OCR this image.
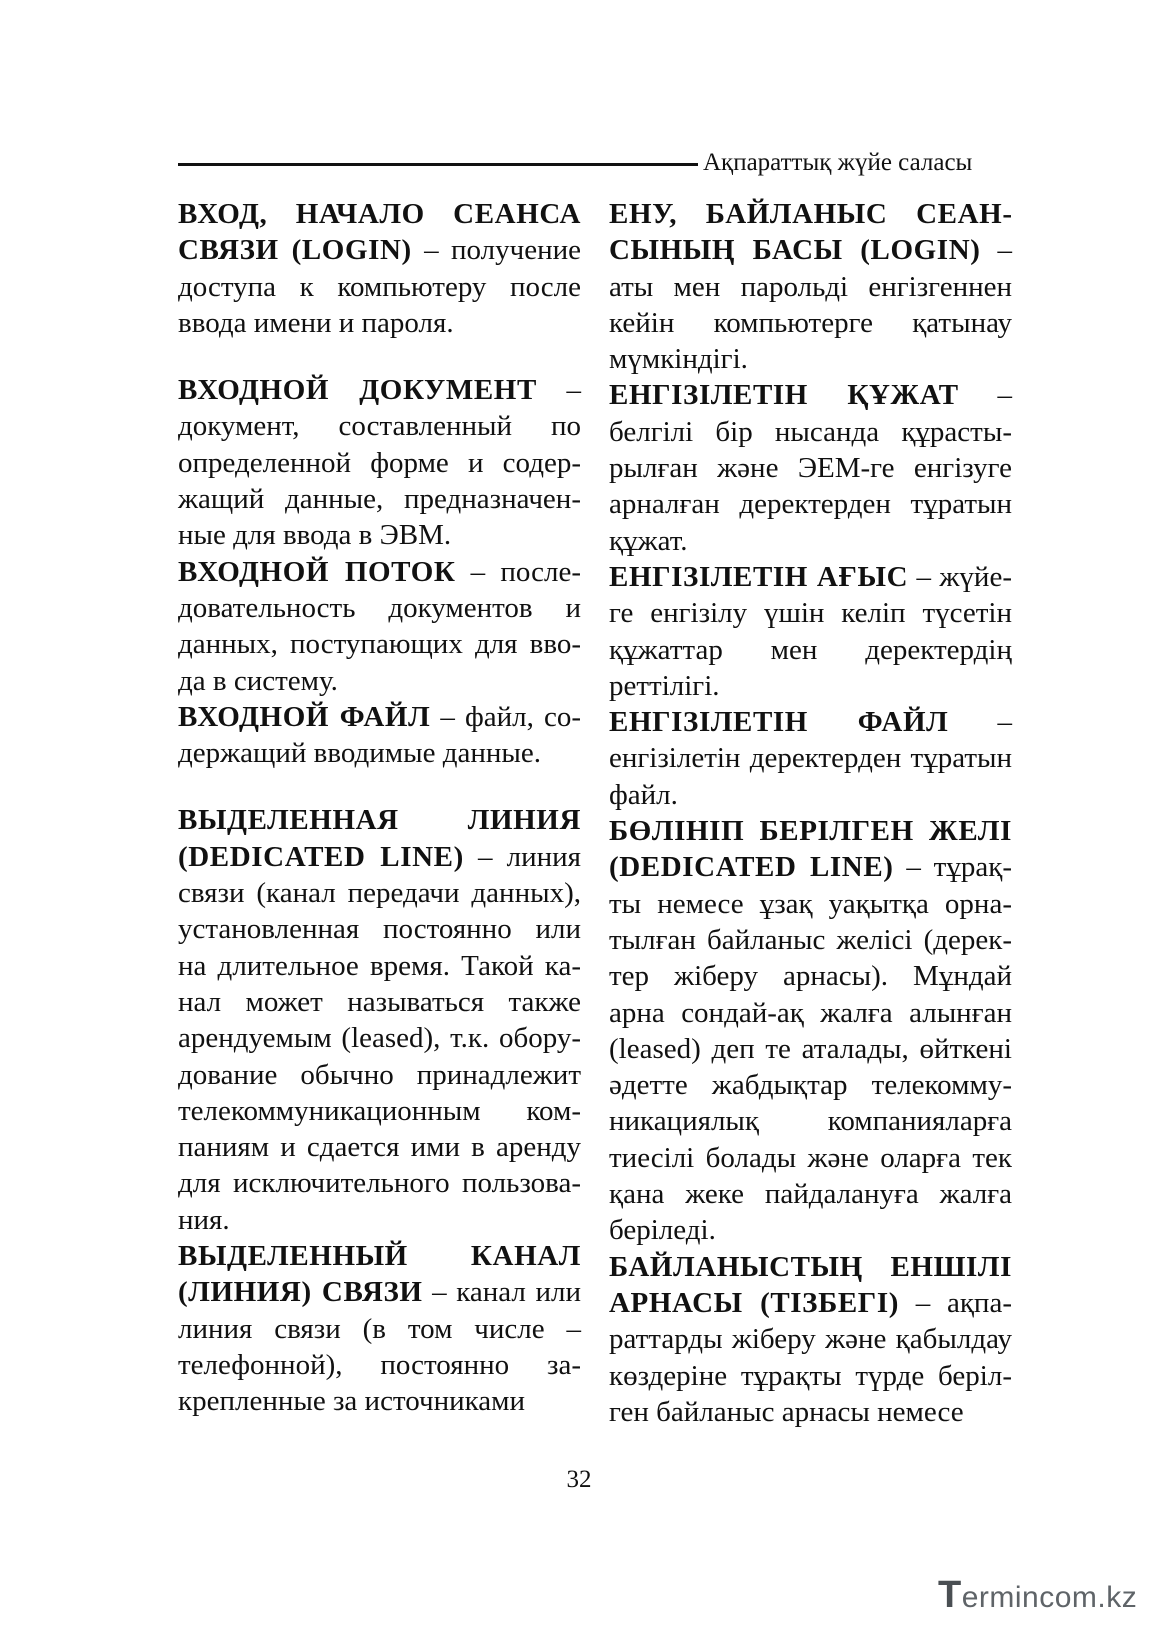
Ақпараттық жүйе саласы

ВХОД, НАЧАЛО СЕАНСА СВЯЗИ (LOGIN) – получение доступа к компьютеру после ввода имени и пароля.

ВХОДНОЙ ДОКУМЕНТ – документ, составленный по определенной форме и содержащий данные, предназначенные для ввода в ЭВМ.

ВХОДНОЙ ПОТОК – последовательность документов и данных, поступающих для ввода в систему.

ВХОДНОЙ ФАЙЛ – файл, содержащий вводимые данные.

ВЫДЕЛЕННАЯ ЛИНИЯ (DEDICATED LINE) – линия связи (канал передачи данных), установленная постоянно или на длительное время. Такой канал может называться также арендуемым (leased), т.к. оборудование обычно принадлежит телекоммуникационным компаниям и сдается ими в аренду для исключительного пользования.

ВЫДЕЛЕННЫЙ КАНАЛ (ЛИНИЯ) СВЯЗИ – канал или линия связи (в том числе – телефонной), постоянно закрепленные за источниками

ЕНУ, БАЙЛАНЫС СЕАНСЫНЫҢ БАСЫ (LOGIN) – аты мен парольді енгізгеннен кейін компьютерге қатынау мүмкіндігі.

ЕНГІЗІЛЕТІН ҚҰЖАТ – белгілі бір нысанда құрастырылған және ЭЕМ-ге енгізуге арналған деректерден тұратын құжат.

ЕНГІЗІЛЕТІН АҒЫС – жүйеге енгізілу үшін келіп түсетін құжаттар мен деректердің реттілігі.

ЕНГІЗІЛЕТІН ФАЙЛ – енгізілетін деректерден тұратын файл.

БӨЛІНІП БЕРІЛГЕН ЖЕЛІ (DEDICATED LINE) – тұрақты немесе ұзақ уақытқа орнатылған байланыс желісі (деректер жіберу арнасы). Мұндай арна сондай-ақ жалға алынған (leased) деп те аталады, өйткені әдетте жабдықтар телекоммуникациялық компанияларға тиесілі болады және оларға тек қана жеке пайдалануға жалға беріледі.

БАЙЛАНЫСТЫҢ ЕНШІЛІ АРНАСЫ (ТІЗБЕГІ) – ақпараттарды жіберу және қабылдау көздеріне тұрақты түрде берілген байланыс арнасы немесе

32
Termincom.kz
